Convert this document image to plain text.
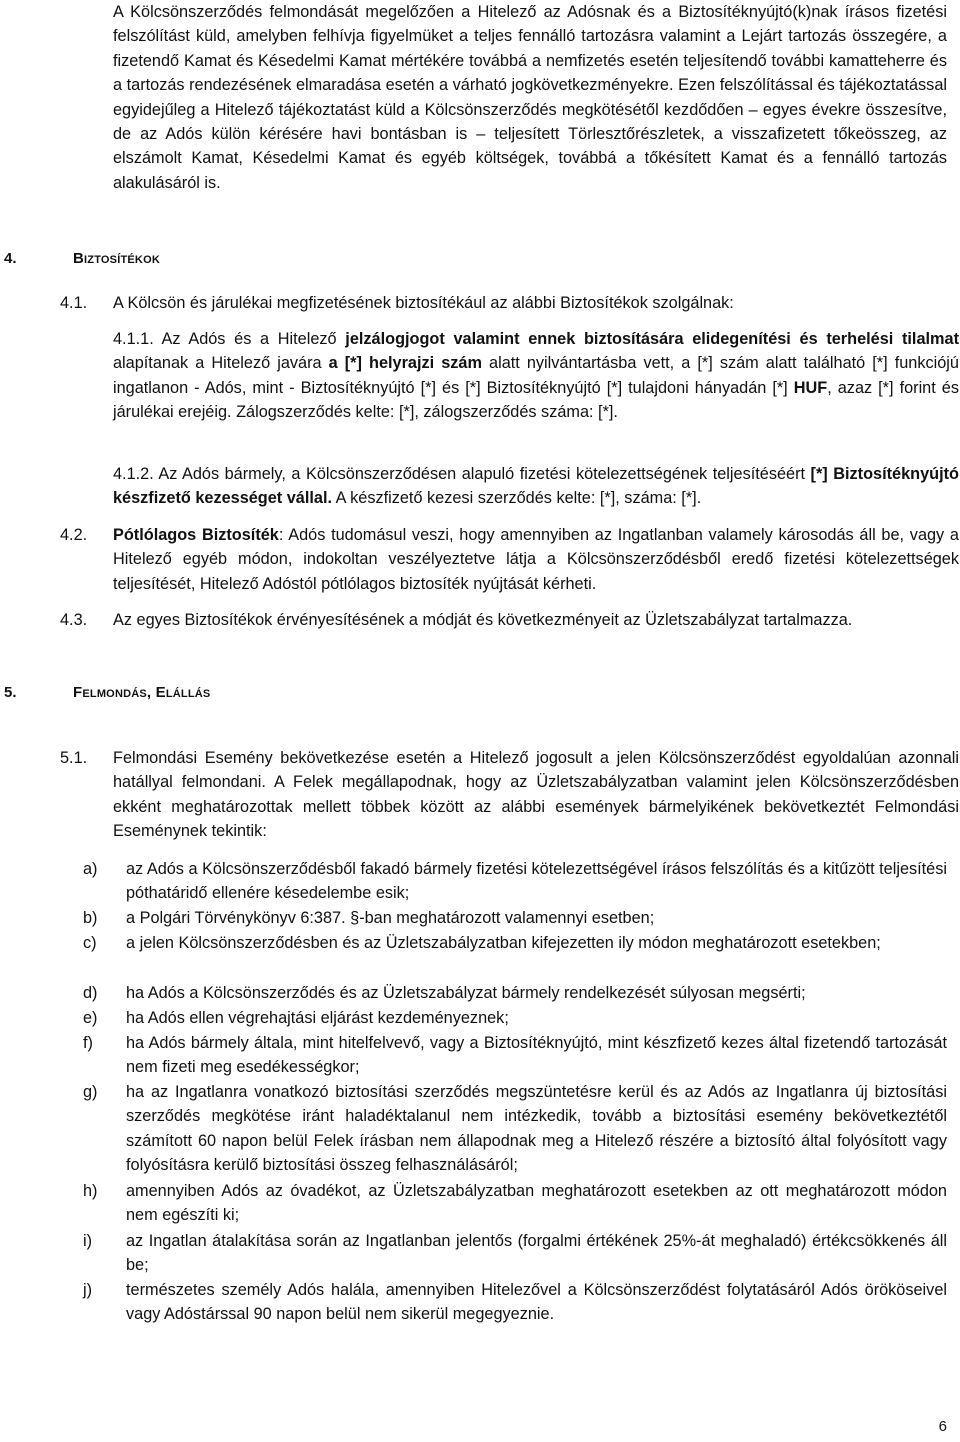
A Kölcsönszerződés felmondását megelőzően a Hitelező az Adósnak és a Biztosítéknyújtó(k)nak írásos fizetési felszólítást küld, amelyben felhívja figyelmüket a teljes fennálló tartozásra valamint a Lejárt tartozás összegére, a fizetendő Kamat és Késedelmi Kamat mértékére továbbá a nemfizetés esetén teljesítendő további kamatteherre és a tartozás rendezésének elmaradása esetén a várható jogkövetkezményekre. Ezen felszólítással és tájékoztatással egyidejűleg a Hitelező tájékoztatást küld a Kölcsönszerződés megkötésétől kezdődően – egyes évekre összesítve, de az Adós külön kérésére havi bontásban is – teljesített Törlesztőrészletek, a visszafizetett tőkeösszeg, az elszámolt Kamat, Késedelmi Kamat és egyéb költségek, továbbá a tőkésített Kamat és a fennálló tartozás alakulásáról is.

4.	Biztosítékok
4.1. A Kölcsön és járulékai megfizetésének biztosítékául az alábbi Biztosítékok szolgálnak:

4.1.1. Az Adós és a Hitelező jelzálogjogot valamint ennek biztosítására elidegenítési és terhelési tilalmat alapítanak a Hitelező javára a [*] helyrajzi szám alatt nyilvántartásba vett, a [*] szám alatt található [*] funkciójú ingatlanon - Adós, mint - Biztosítéknyújtó [*] és [*] Biztosítéknyújtó [*] tulajdoni hányadán [*] HUF, azaz [*] forint és járulékai erejéig. Zálogszerződés kelte: [*], zálogszerződés száma: [*].

4.1.2. Az Adós bármely, a Kölcsönszerződésen alapuló fizetési kötelezettségének teljesítéséért [*] Biztosítéknyújtó készfizető kezességet vállal. A készfizető kezesi szerződés kelte: [*], száma: [*].

4.2. Pótlólagos Biztosíték: Adós tudomásul veszi, hogy amennyiben az Ingatlanban valamely károsodás áll be, vagy a Hitelező egyéb módon, indokoltan veszélyeztetve látja a Kölcsönszerződésből eredő fizetési kötelezettségek teljesítését, Hitelező Adóstól pótlólagos biztosíték nyújtását kérheti.

4.3. Az egyes Biztosítékok érvényesítésének a módját és következményeit az Üzletszabályzat tartalmazza.

5.	Felmondás, Elállás
5.1. Felmondási Esemény bekövetkezése esetén a Hitelező jogosult a jelen Kölcsönszerződést egyoldalúan azonnali hatállyal felmondani. A Felek megállapodnak, hogy az Üzletszabályzatban valamint jelen Kölcsönszerződésben ekként meghatározottak mellett többek között az alábbi események bármelyikének bekövetkeztét Felmondási Eseménynek tekintik:

a) az Adós a Kölcsönszerződésből fakadó bármely fizetési kötelezettségével írásos felszólítás és a kitűzött teljesítési póthatáridő ellenére késedelembe esik;
b) a Polgári Törvénykönyv 6:387. §-ban meghatározott valamennyi esetben;
c) a jelen Kölcsönszerződésben és az Üzletszabályzatban kifejezetten ily módon meghatározott esetekben;
d) ha Adós a Kölcsönszerződés és az Üzletszabályzat bármely rendelkezését súlyosan megsérti;
e) ha Adós ellen végrehajtási eljárást kezdeményeznek;
f) ha Adós bármely általa, mint hitelfelvevő, vagy a Biztosítéknyújtó, mint készfizető kezes által fizetendő tartozását nem fizeti meg esedékességkor;
g) ha az Ingatlanra vonatkozó biztosítási szerződés megszüntetésre kerül és az Adós az Ingatlanra új biztosítási szerződés megkötése iránt haladéktalanul nem intézkedik, tovább a biztosítási esemény bekövetkeztétől számított 60 napon belül Felek írásban nem állapodnak meg a Hitelező részére a biztosító által folyósított vagy folyósításra kerülő biztosítási összeg felhasználásáról;
h) amennyiben Adós az óvadékot, az Üzletszabályzatban meghatározott esetekben az ott meghatározott módon nem egészíti ki;
i) az Ingatlan átalakítása során az Ingatlanban jelentős (forgalmi értékének 25%-át meghaladó) értékcsökkenés áll be;
j) természetes személy Adós halála, amennyiben Hitelezővel a Kölcsönszerződést folytatásáról Adós örököseivel vagy Adóstárssal 90 napon belül nem sikerül megegyeznie.
6
